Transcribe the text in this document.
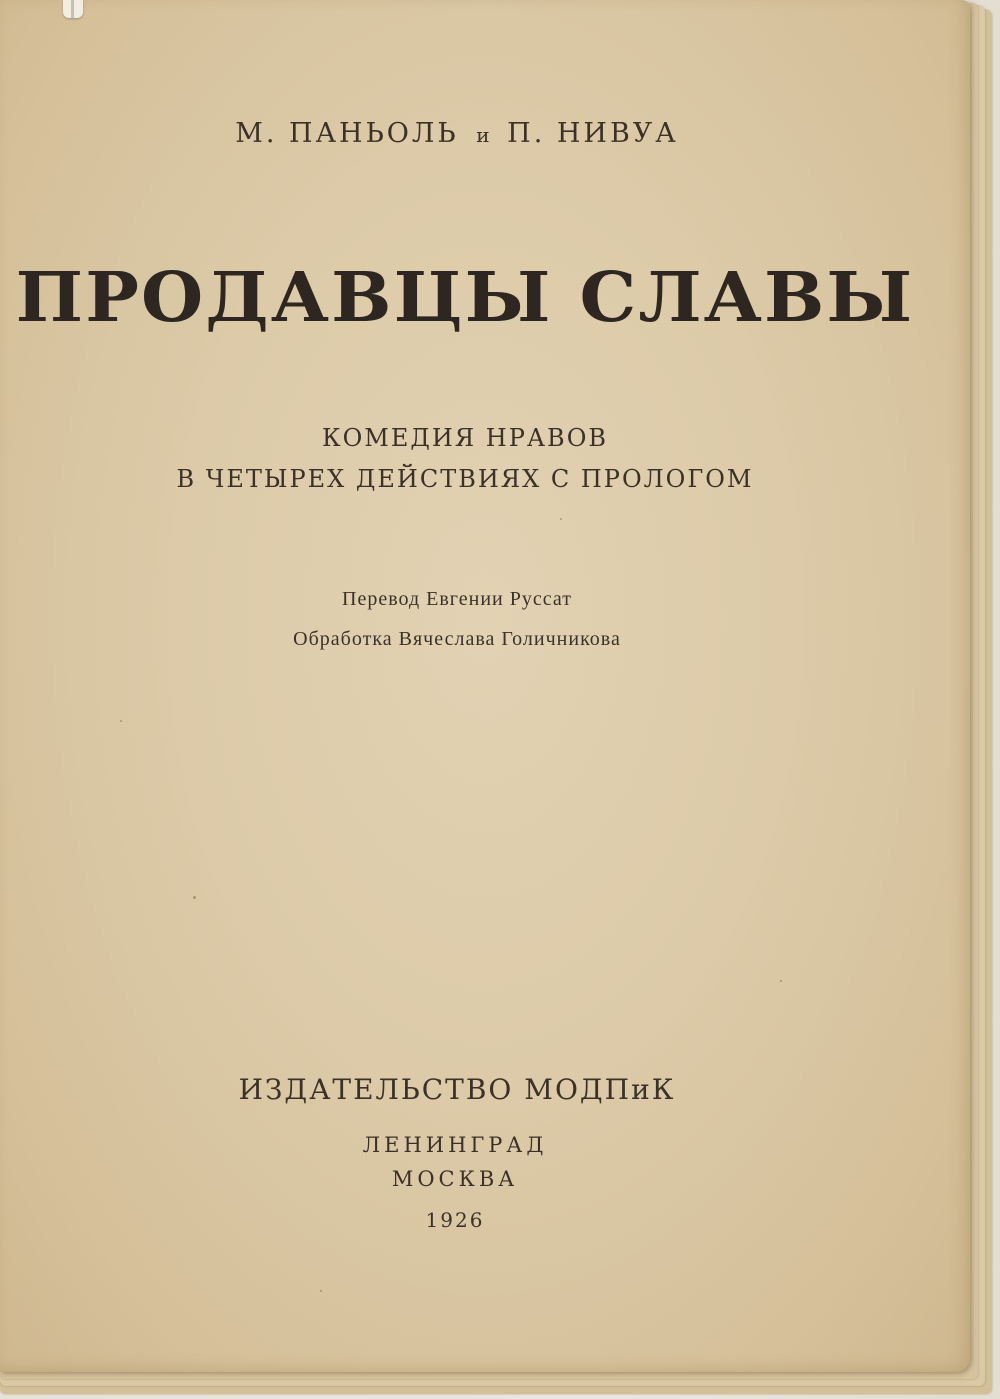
М. ПАНЬОЛЬ и П. НИВУА
ПРОДАВЦЫ СЛАВЫ
КОМЕДИЯ НРАВОВ
В ЧЕТЫРЕХ ДЕЙСТВИЯХ С ПРОЛОГОМ
Перевод Евгении Руссат
Обработка Вячеслава Голичникова
ИЗДАТЕЛЬСТВО МОДПиК
ЛЕНИНГРАД
МОСКВА
1926
